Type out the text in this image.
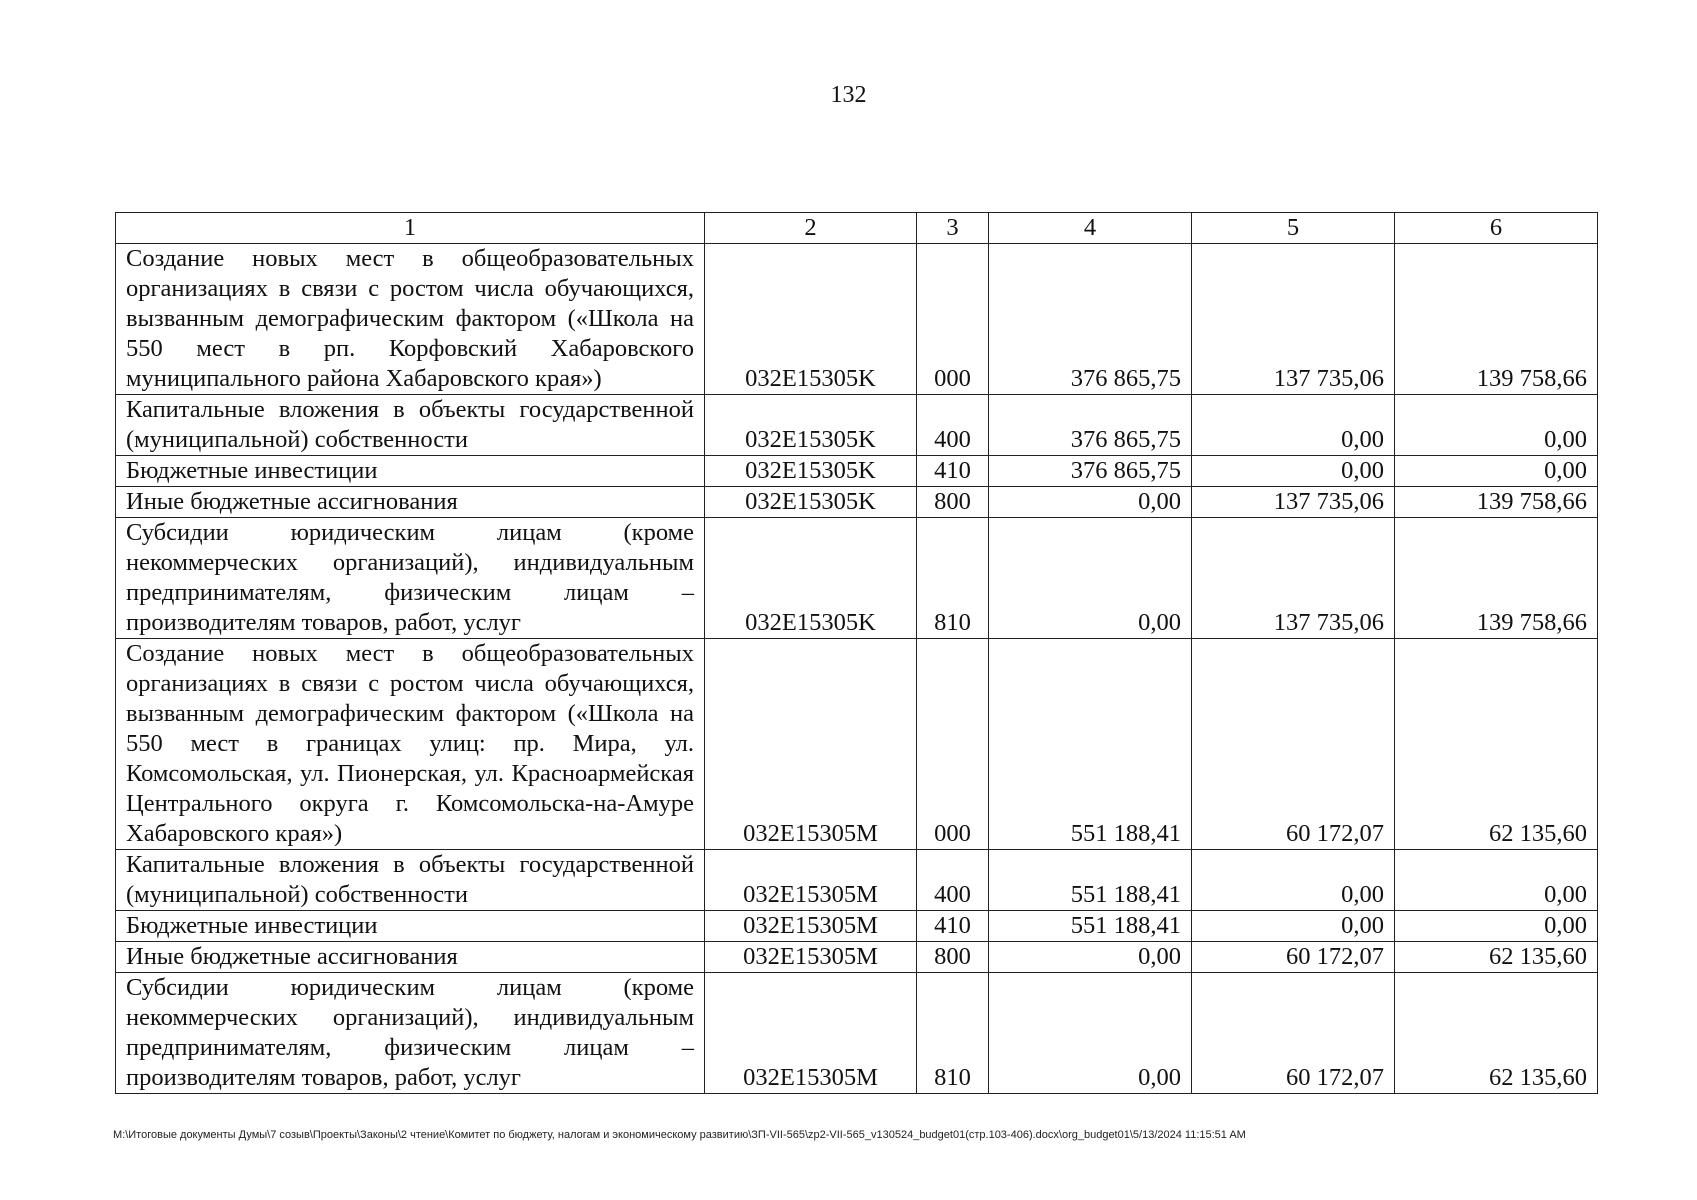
132
1	2	3	4	5	6
Создание новых мест в общеобразовательных организациях в связи с ростом числа обучающихся, вызванным демографическим фактором («Школа на 550 мест в рп. Корфовский Хабаровского муниципального района Хабаровского края»)	032E15305K	000	376 865,75	137 735,06	139 758,66
Капитальные вложения в объекты государственной (муниципальной) собственности	032E15305K	400	376 865,75	0,00	0,00
Бюджетные инвестиции	032E15305K	410	376 865,75	0,00	0,00
Иные бюджетные ассигнования	032E15305K	800	0,00	137 735,06	139 758,66
Субсидии юридическим лицам (кроме некоммерческих организаций), индивидуальным предпринимателям, физическим лицам – производителям товаров, работ, услуг	032E15305K	810	0,00	137 735,06	139 758,66
Создание новых мест в общеобразовательных организациях в связи с ростом числа обучающихся, вызванным демографическим фактором («Школа на 550 мест в границах улиц: пр. Мира, ул. Комсомольская, ул. Пионерская, ул. Красноармейская Центрального округа г. Комсомольска-на-Амуре Хабаровского края»)	032E15305M	000	551 188,41	60 172,07	62 135,60
Капитальные вложения в объекты государственной (муниципальной) собственности	032E15305M	400	551 188,41	0,00	0,00
Бюджетные инвестиции	032E15305M	410	551 188,41	0,00	0,00
Иные бюджетные ассигнования	032E15305M	800	0,00	60 172,07	62 135,60
Субсидии юридическим лицам (кроме некоммерческих организаций), индивидуальным предпринимателям, физическим лицам – производителям товаров, работ, услуг	032E15305M	810	0,00	60 172,07	62 135,60
M:\Итоговые документы Думы\7 созыв\Проекты\Законы\2 чтение\Комитет по бюджету, налогам и экономическому развитию\ЗП-VII-565\zp2-VII-565_v130524_budget01(стр.103-406).docx\org_budget01\5/13/2024 11:15:51 AM
